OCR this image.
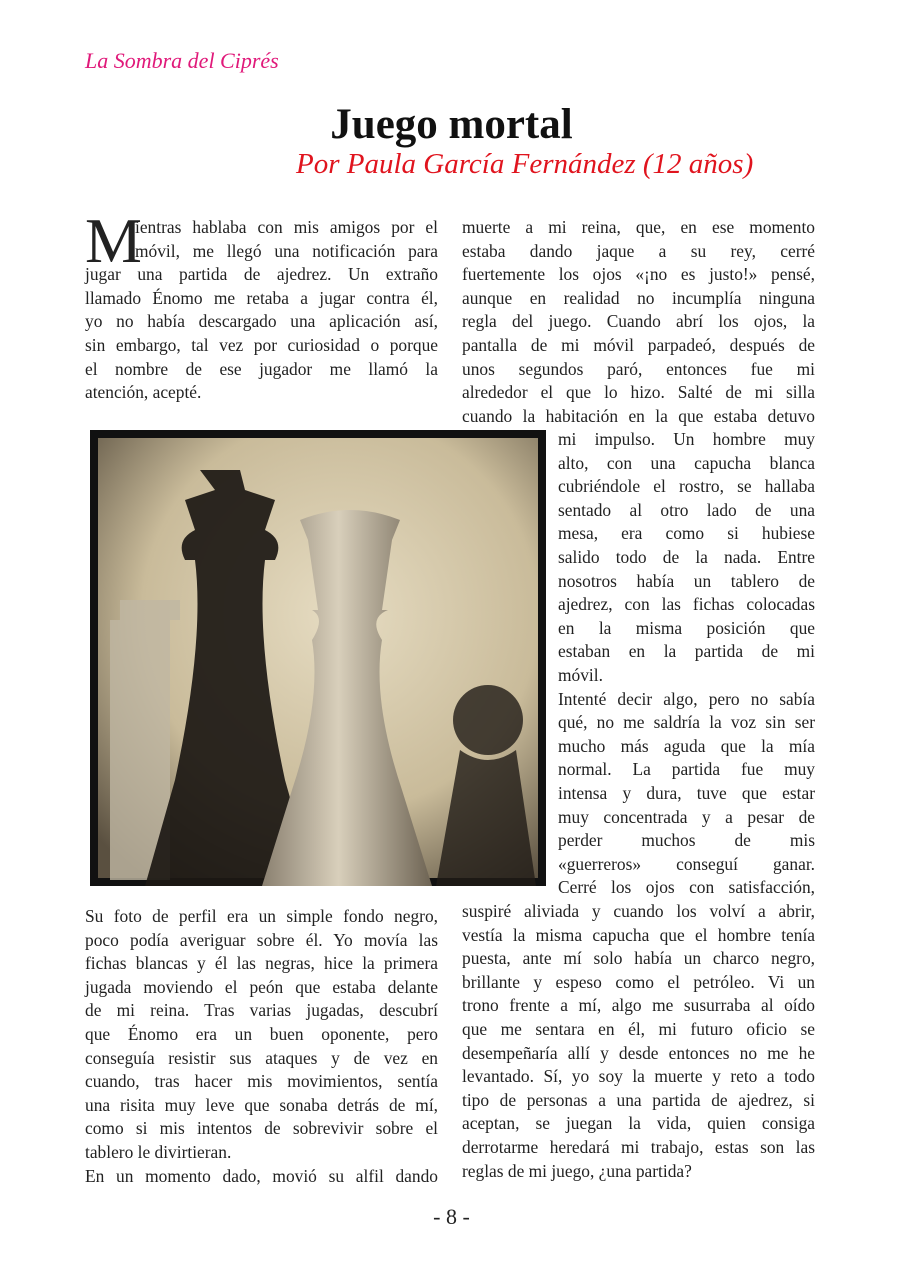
La Sombra del Ciprés
Juego mortal
Por Paula García Fernández (12 años)
M
ientras hablaba con mis amigos por el
móvil, me llegó una notificación para
jugar una partida de ajedrez. Un extraño
llamado Énomo me retaba a jugar contra él,
yo no había descargado una aplicación así,
sin embargo, tal vez por curiosidad o porque
el nombre de ese jugador me llamó la
atención, acepté.
Su foto de perfil era un simple fondo negro,
poco podía averiguar sobre él. Yo movía las
fichas blancas y él las negras, hice la primera
jugada moviendo el peón que estaba delante
de mi reina. Tras varias jugadas, descubrí
que Énomo era un buen oponente, pero
conseguía resistir sus ataques y de vez en
cuando, tras hacer mis movimientos, sentía
una risita muy leve que sonaba detrás de mí,
como si mis intentos de sobrevivir sobre el
tablero le divirtieran.
En un momento dado, movió su alfil dando
muerte a mi reina, que, en ese momento
estaba dando jaque a su rey, cerré
fuertemente los ojos «¡no es justo!» pensé,
aunque en realidad no incumplía ninguna
regla del juego. Cuando abrí los ojos, la
pantalla de mi móvil parpadeó, después de
unos segundos paró, entonces fue mi
alrededor el que lo hizo. Salté de mi silla
cuando la habitación en la que estaba detuvo
mi impulso. Un hombre muy
alto, con una capucha blanca
cubriéndole el rostro, se hallaba
sentado al otro lado de una
mesa, era como si hubiese
salido todo de la nada. Entre
nosotros había un tablero de
ajedrez, con las fichas colocadas
en la misma posición que
estaban en la partida de mi
móvil.
Intenté decir algo, pero no sabía
qué, no me saldría la voz sin ser
mucho más aguda que la mía
normal. La partida fue muy
intensa y dura, tuve que estar
muy concentrada y a pesar de
perder muchos de mis
«guerreros» conseguí ganar.
Cerré los ojos con satisfacción,
suspiré aliviada y cuando los volví a abrir,
vestía la misma capucha que el hombre tenía
puesta, ante mí solo había un charco negro,
brillante y espeso como el petróleo. Vi un
trono frente a mí, algo me susurraba al oído
que me sentara en él, mi futuro oficio se
desempeñaría allí y desde entonces no me he
levantado. Sí, yo soy la muerte y reto a todo
tipo de personas a una partida de ajedrez, si
aceptan, se juegan la vida, quien consiga
derrotarme heredará mi trabajo, estas son las
reglas de mi juego, ¿una partida?
- 8 -
